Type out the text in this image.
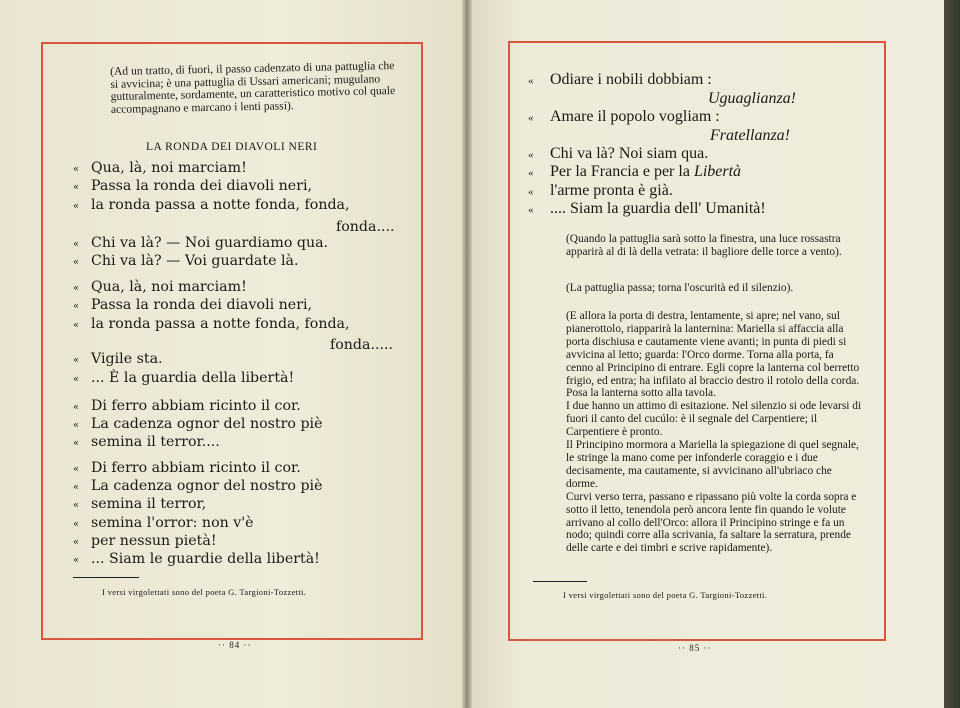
(Ad un tratto, di fuori, il passo cadenzato di una pattuglia che si avvicina; è una pattuglia di Ussari americani; mugulano gutturalmente, sordamente, un caratteristico motivo col quale accompagnano e marcano i lenti passi).

LA RONDA DEI DIAVOLI NERI

« Qua, là, noi marciam!

« Passa la ronda dei diavoli neri,

« la ronda passa a notte fonda, fonda,

fonda....

« Chi va là? — Noi guardiamo qua.

« Chi va là? — Voi guardate là.

« Qua, là, noi marciam!

« Passa la ronda dei diavoli neri,

« la ronda passa a notte fonda, fonda,

fonda.....

« Vigile sta.

« ... È la guardia della libertà!

« Di ferro abbiam ricinto il cor.

« La cadenza ognor del nostro piè

« semina il terror....

« Di ferro abbiam ricinto il cor.

« La cadenza ognor del nostro piè

« semina il terror,

« semina l'orror: non v'è

« per nessun pietà!

« ... Siam le guardie della libertà!

I versi virgolettati sono del poeta G. Targioni-Tozzetti.

·· 84 ··

« Odiare i nobili dobbiam :

Uguaglianza!

« Amare il popolo vogliam :

Fratellanza!

« Chi va là? Noi siam qua.

« Per la Francia e per la Libertà

« l'arme pronta è già.

« .... Siam la guardia dell' Umanità!

(Quando la pattuglia sarà sotto la finestra, una luce rossastra apparirà al di là della vetrata: il bagliore delle torce a vento).

(La pattuglia passa; torna l'oscurità ed il silenzio).

(E allora la porta di destra, lentamente, si apre; nel vano, sul pianerottolo, riapparirà la lanternina: Mariella si affaccia alla porta dischiusa e cautamente viene avanti; in punta di piedi si avvicina al letto; guarda: l'Orco dorme. Torna alla porta, fa cenno al Principino di entrare. Egli copre la lanterna col berretto frigio, ed entra; ha infilato al braccio destro il rotolo della corda.
Posa la lanterna sotto alla tavola.
I due hanno un attimo di esitazione. Nel silenzio si ode levarsi di fuori il canto del cucúlo: è il segnale del Carpentiere; il Carpentiere è pronto.
Il Principino mormora a Mariella la spiegazione di quel segnale, le stringe la mano come per infonderle coraggio e i due decisamente, ma cautamente, si avvicinano all'ubriaco che dorme.
Curvi verso terra, passano e ripassano più volte la corda sopra e sotto il letto, tenendola però ancora lente fin quando le volute arrivano al collo dell'Orco: allora il Principino stringe e fa un nodo; quindi corre alla scrivania, fa saltare la serratura, prende delle carte e dei timbri e scrive rapidamente).

I versi virgolettati sono del poeta G. Targioni-Tozzetti.

·· 85 ··
